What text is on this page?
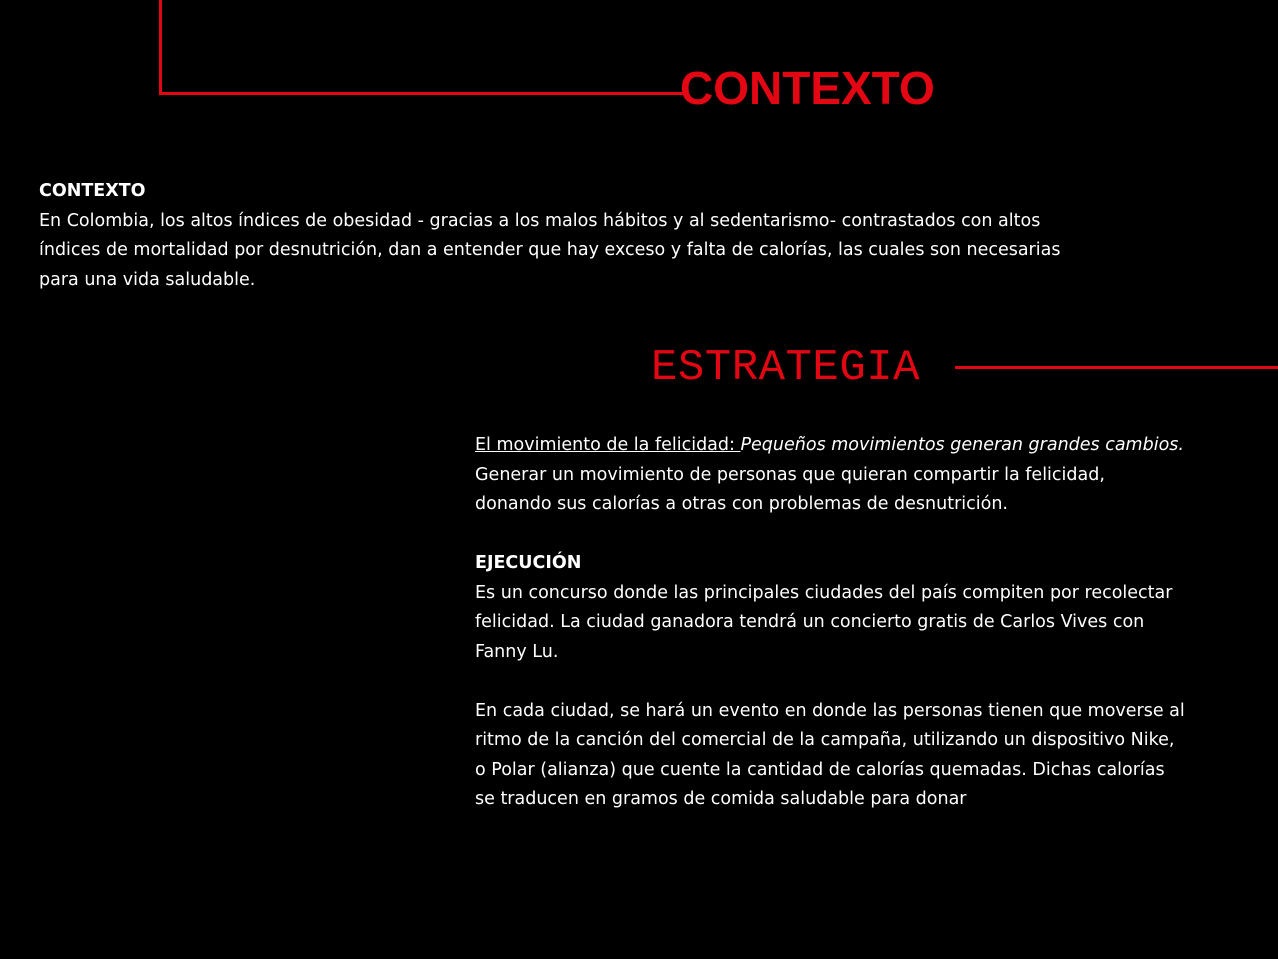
CONTEXTO

CONTEXTO

En Colombia, los altos índices de obesidad - gracias a los malos hábitos y al sedentarismo- contrastados con altos

índices de mortalidad por desnutrición, dan a entender que hay exceso y falta de calorías, las cuales son necesarias

para una vida saludable.

ESTRATEGIA

El movimiento de la felicidad: Pequeños movimientos generan grandes cambios.

Generar un movimiento de personas que quieran compartir la felicidad,

donando sus calorías a otras con problemas de desnutrición.

EJECUCIÓN

Es un concurso donde las principales ciudades del país compiten por recolectar

felicidad. La ciudad ganadora tendrá un concierto gratis de Carlos Vives con

Fanny Lu.

En cada ciudad, se hará un evento en donde las personas tienen que moverse al

ritmo de la canción del comercial de la campaña, utilizando un dispositivo Nike,

o Polar (alianza) que cuente la cantidad de calorías quemadas. Dichas calorías

se traducen en gramos de comida saludable para donar
